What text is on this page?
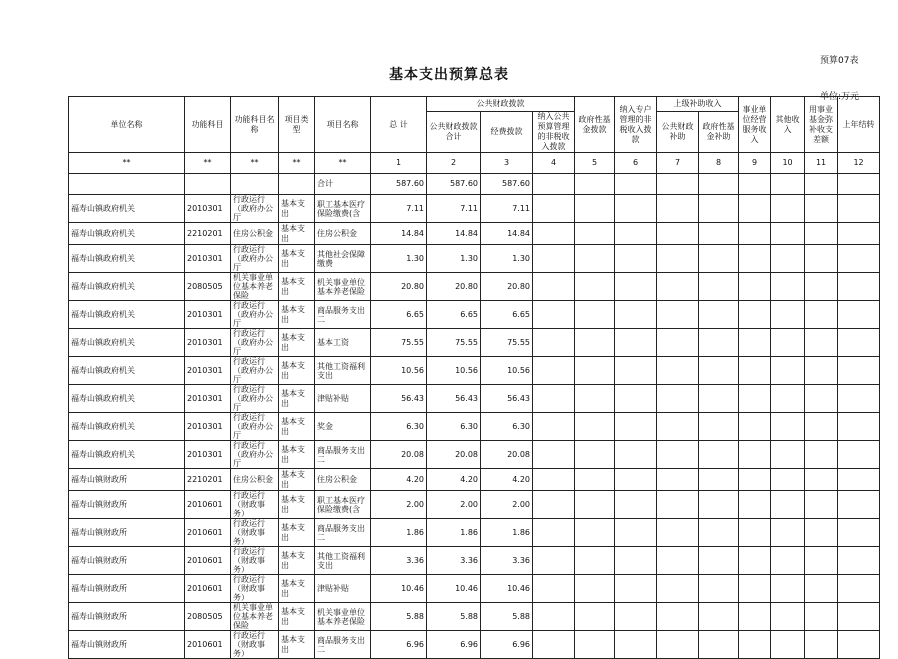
预算07表
基本支出预算总表
单位:万元
单位名称	功能科目	功能科目名称	项目类型	项目名称	总 计	公共财政拨款			政府性基金拨款	纳入专户管理的非税收入拨款	上级补助收入		事业单位经营服务收入	其他收入	用事业基金弥补收支差额	上年结转
						公共财政拨款合计	经费拨款	纳入公共预算管理的非税收入拨款			公共财政补助	政府性基金补助				
**	**	**	**	**	1	2	3	4	5	6	7	8	9	10	11	12
				合计	587.60	587.60	587.60									
福寿山镇政府机关	2010301	行政运行（政府办公厅	基本支出	职工基本医疗保险缴费(含	7.11	7.11	7.11									
福寿山镇政府机关	2210201	住房公积金	基本支出	住房公积金	14.84	14.84	14.84									
福寿山镇政府机关	2010301	行政运行（政府办公厅	基本支出	其他社会保障缴费	1.30	1.30	1.30									
福寿山镇政府机关	2080505	机关事业单位基本养老保险	基本支出	机关事业单位基本养老保险	20.80	20.80	20.80									
福寿山镇政府机关	2010301	行政运行（政府办公厅	基本支出	商品服务支出二	6.65	6.65	6.65									
福寿山镇政府机关	2010301	行政运行（政府办公厅	基本支出	基本工资	75.55	75.55	75.55									
福寿山镇政府机关	2010301	行政运行（政府办公厅	基本支出	其他工资福利支出	10.56	10.56	10.56									
福寿山镇政府机关	2010301	行政运行（政府办公厅	基本支出	津贴补贴	56.43	56.43	56.43									
福寿山镇政府机关	2010301	行政运行（政府办公厅	基本支出	奖金	6.30	6.30	6.30									
福寿山镇政府机关	2010301	行政运行（政府办公厅	基本支出	商品服务支出二	20.08	20.08	20.08									
福寿山镇财政所	2210201	住房公积金	基本支出	住房公积金	4.20	4.20	4.20									
福寿山镇财政所	2010601	行政运行（财政事务）	基本支出	职工基本医疗保险缴费(含	2.00	2.00	2.00									
福寿山镇财政所	2010601	行政运行（财政事务）	基本支出	商品服务支出二	1.86	1.86	1.86									
福寿山镇财政所	2010601	行政运行（财政事务）	基本支出	其他工资福利支出	3.36	3.36	3.36									
福寿山镇财政所	2010601	行政运行（财政事务）	基本支出	津贴补贴	10.46	10.46	10.46									
福寿山镇财政所	2080505	机关事业单位基本养老保险	基本支出	机关事业单位基本养老保险	5.88	5.88	5.88									
福寿山镇财政所	2010601	行政运行（财政事务）	基本支出	商品服务支出二	6.96	6.96	6.96									
